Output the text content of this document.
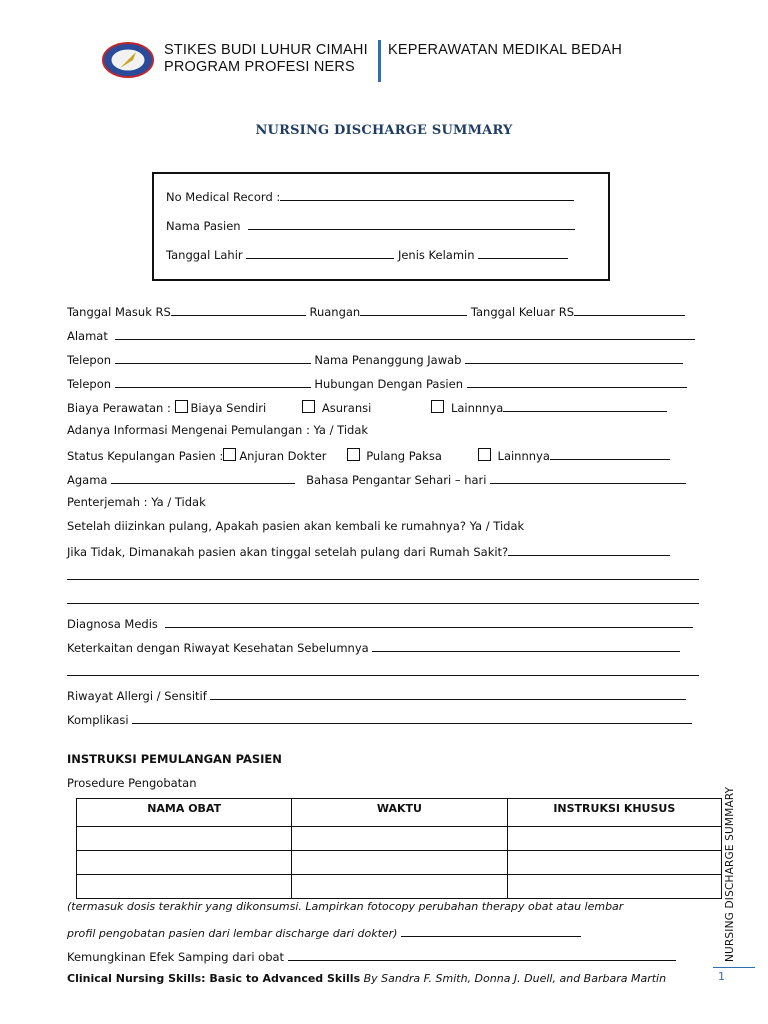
STIKES BUDI LUHUR CIMAHI
PROGRAM PROFESI NERS
KEPERAWATAN MEDIKAL BEDAH
NURSING DISCHARGE SUMMARY
No Medical Record :
Nama Pasien
Tanggal Lahir	Jenis Kelamin
Tanggal Masuk RS	Ruangan	Tanggal Keluar RS
Alamat
Telepon	Nama Penanggung Jawab
Telepon	Hubungan Dengan Pasien
Biaya Perawatan : Biaya Sendiri	Asuransi	Lainnnya
Adanya Informasi Mengenai Pemulangan : Ya / Tidak
Status Kepulangan Pasien : Anjuran Dokter	Pulang Paksa	Lainnnya
Agama	Bahasa Pengantar Sehari – hari
Penterjemah : Ya / Tidak
Setelah diizinkan pulang, Apakah pasien akan kembali ke rumahnya? Ya / Tidak
Jika Tidak, Dimanakah pasien akan tinggal setelah pulang dari Rumah Sakit?
Diagnosa Medis
Keterkaitan dengan Riwayat Kesehatan Sebelumnya
Riwayat Allergi / Sensitif
Komplikasi
INSTRUKSI PEMULANGAN PASIEN
Prosedure Pengobatan
NAMA OBAT	WAKTU	INSTRUKSI KHUSUS

(termasuk dosis terakhir yang dikonsumsi. Lampirkan fotocopy perubahan therapy obat atau lembar
profil pengobatan pasien dari lembar discharge dari dokter)
Kemungkinan Efek Samping dari obat
Clinical Nursing Skills: Basic to Advanced Skills By Sandra F. Smith, Donna J. Duell, and Barbara Martin
NURSING DISCHARGE SUMMARY
1
